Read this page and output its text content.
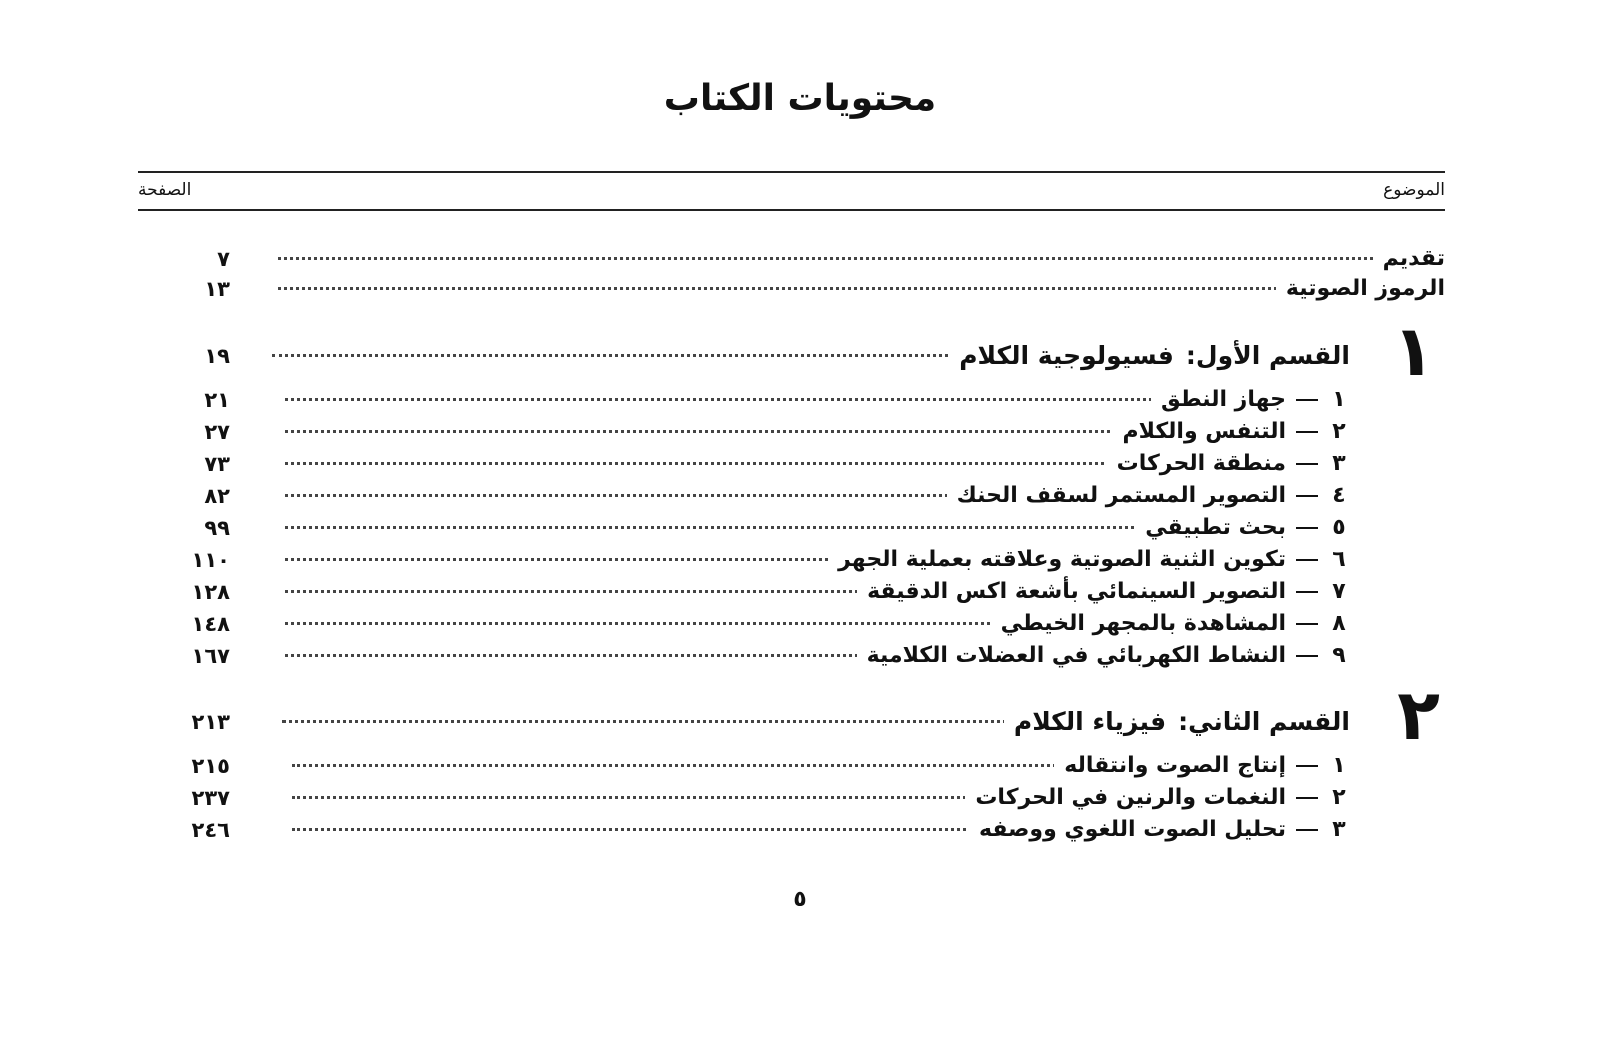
محتويات الكتاب
الموضوع
الصفحة
تقديم
٧
الرموز الصوتية
١٣
١
القسم الأول:فسيولوجية الكلام
١٩
١جهاز النطق
٢١
٢التنفس والكلام
٢٧
٣منطقة الحركات
٧٣
٤التصوير المستمر لسقف الحنك
٨٢
٥بحث تطبيقي
٩٩
٦تكوين الثنية الصوتية وعلاقته بعملية الجهر
١١٠
٧التصوير السينمائي بأشعة اكس الدقيقة
١٢٨
٨المشاهدة بالمجهر الخيطي
١٤٨
٩النشاط الكهربائي في العضلات الكلامية
١٦٧
٢
القسم الثاني:فيزياء الكلام
٢١٣
١إنتاج الصوت وانتقاله
٢١٥
٢النغمات والرنين في الحركات
٢٣٧
٣تحليل الصوت اللغوي ووصفه
٢٤٦
٥
